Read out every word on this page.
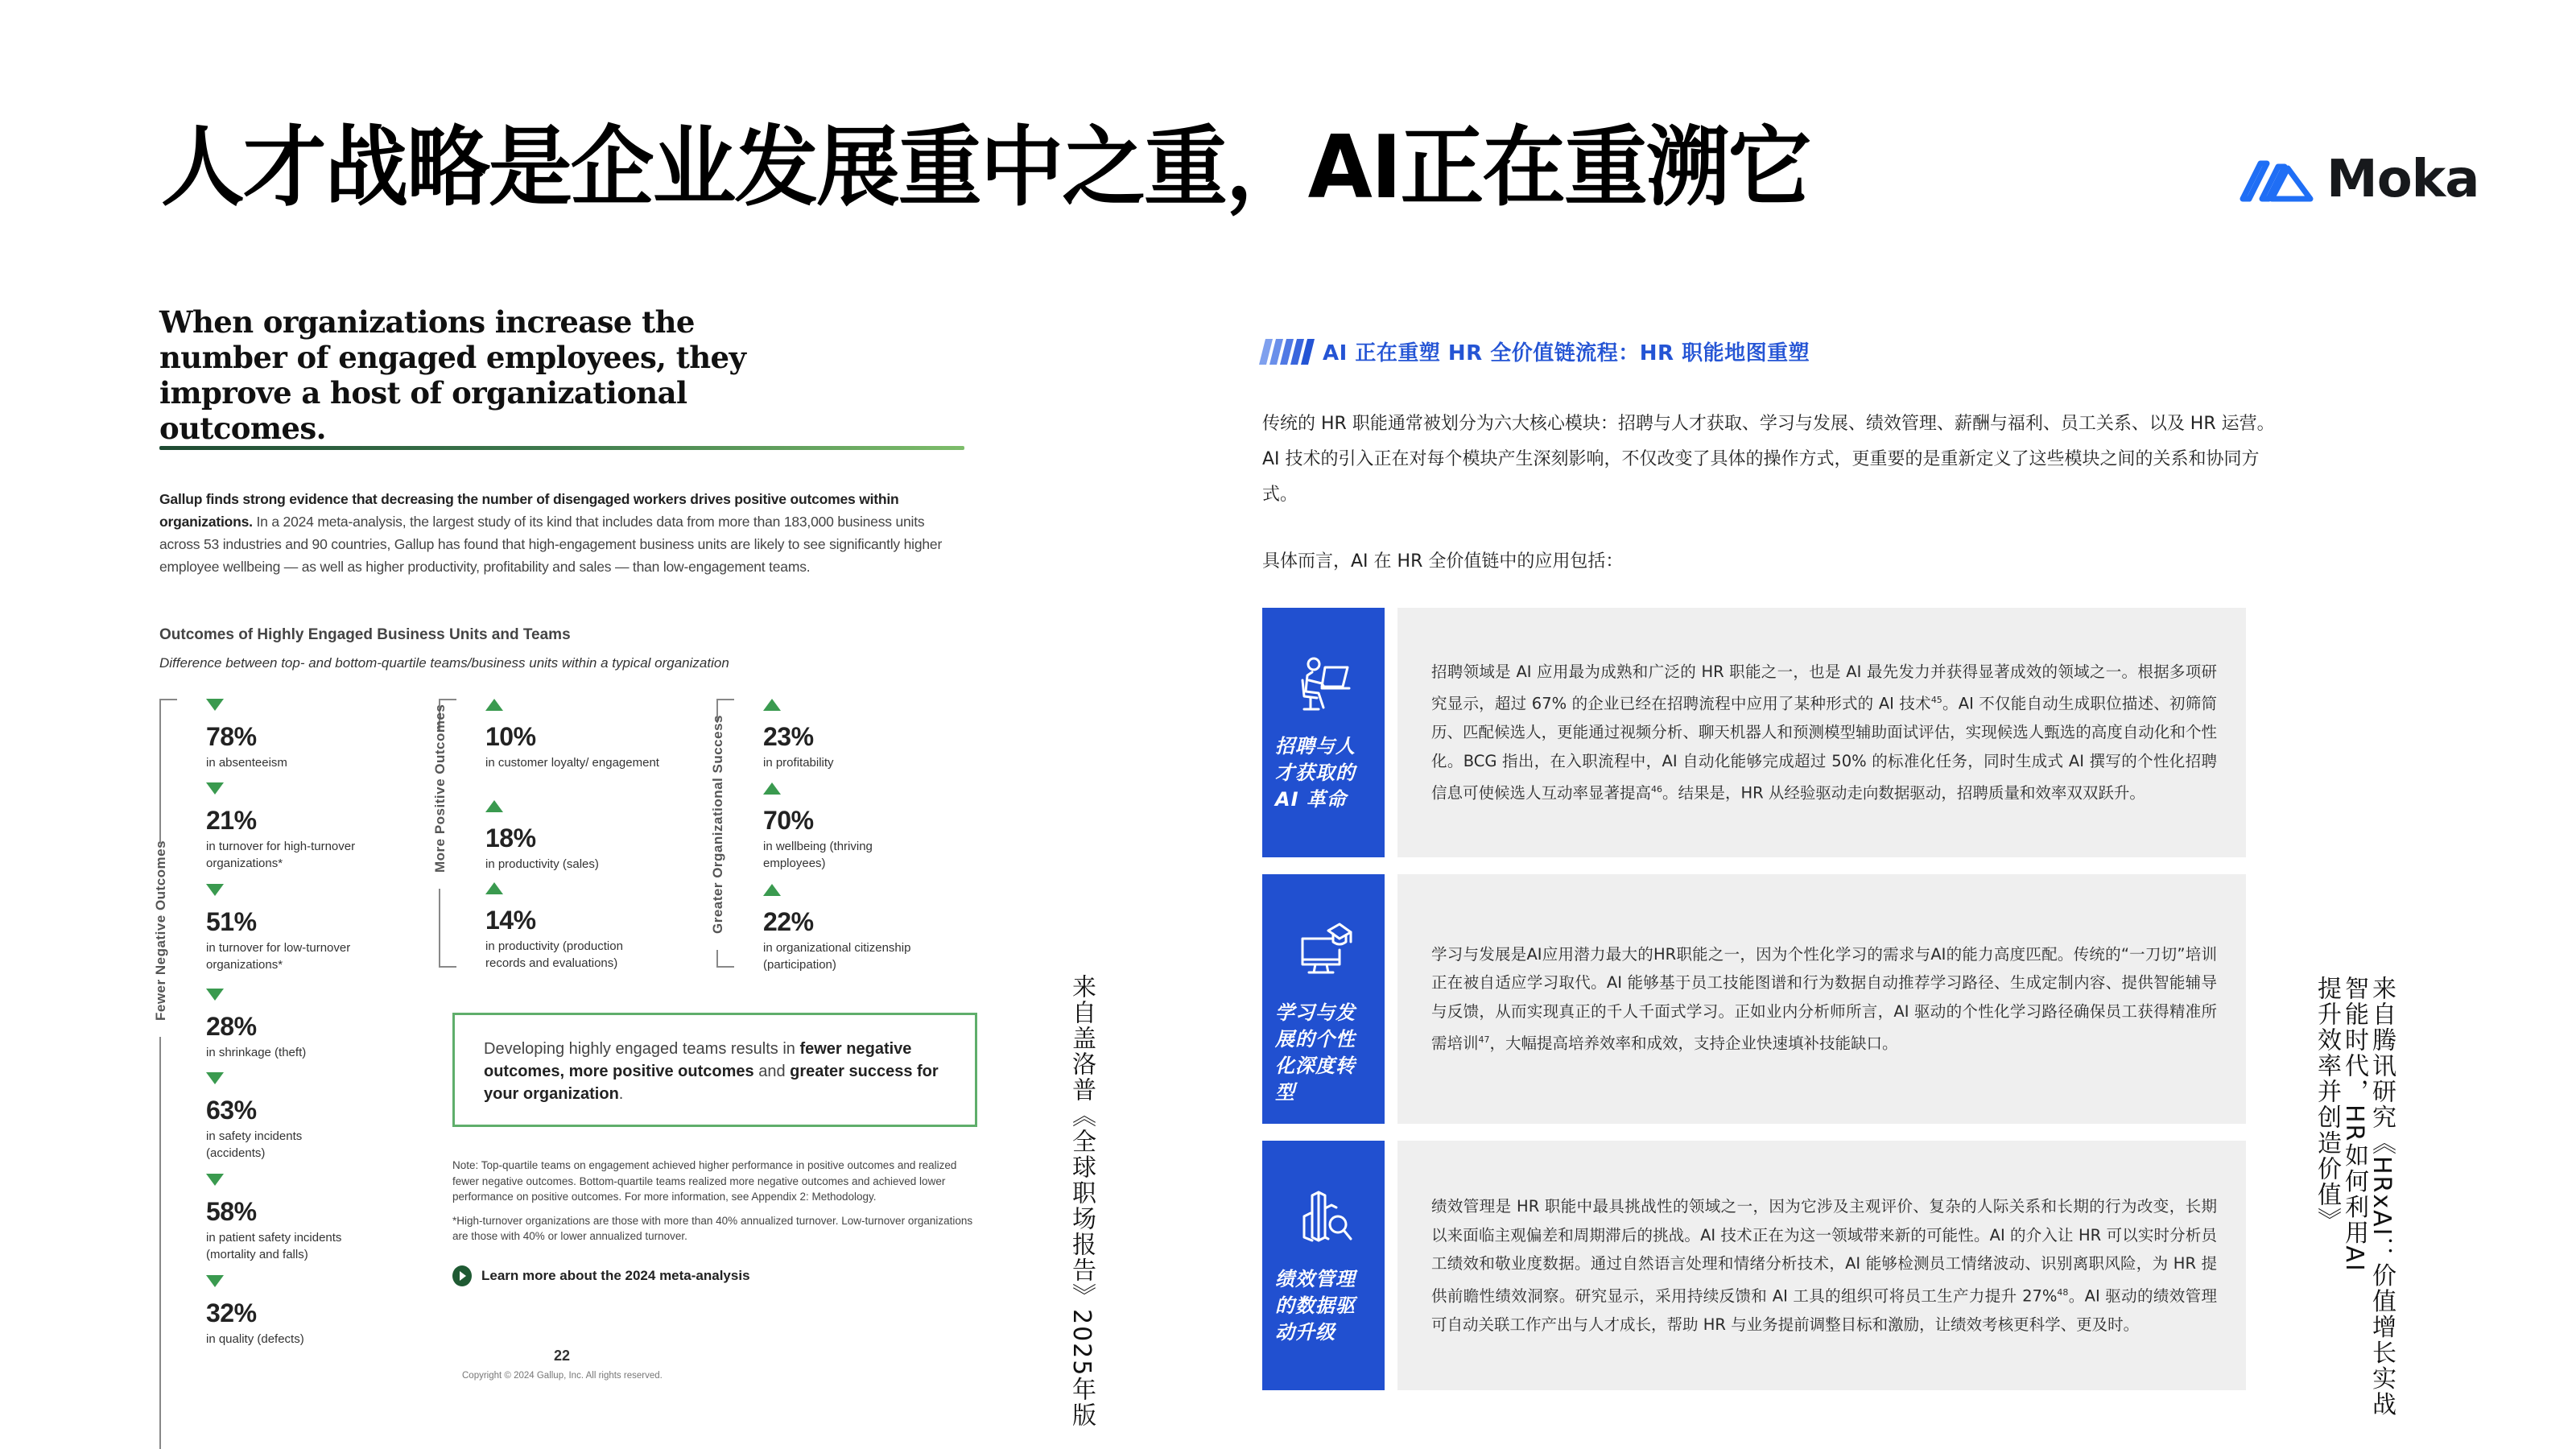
人才战略是企业发展重中之重，AI正在重溯它	Moka
When organizations increase the number of engaged employees, they improve a host of organizational outcomes.

Gallup finds strong evidence that decreasing the number of disengaged workers drives positive outcomes within organizations. In a 2024 meta-analysis, the largest study of its kind that includes data from more than 183,000 business units across 53 industries and 90 countries, Gallup has found that high-engagement business units are likely to see significantly higher employee wellbeing — as well as higher productivity, profitability and sales — than low-engagement teams.

Outcomes of Highly Engaged Business Units and Teams
Difference between top- and bottom-quartile teams/business units within a typical organization
Fewer Negative Outcomes
78%
in absenteeism
21%
in turnover for high-turnover organizations*
51%
in turnover for low-turnover organizations*
28%
in shrinkage (theft)
63%
in safety incidents (accidents)
58%
in patient safety incidents (mortality and falls)
32%
in quality (defects)
More Positive Outcomes 10%
in customer loyalty/ engagement
18%
in productivity (sales)
14%
in productivity (production records and evaluations)
Greater Organizational Success 23%
in profitability
70%
in wellbeing (thriving employees)
22%
in organizational citizenship (participation)
Developing highly engaged teams results in fewer negative outcomes, more positive outcomes and greater success for your organization.

Note: Top-quartile teams on engagement achieved higher performance in positive outcomes and realized fewer negative outcomes. Bottom-quartile teams realized more negative outcomes and achieved lower performance on positive outcomes. For more information, see Appendix 2: Methodology.

*High-turnover organizations are those with more than 40% annualized turnover. Low-turnover organizations are those with 40% or lower annualized turnover.

Learn more about the 2024 meta-analysis
22
Copyright © 2024 Gallup, Inc. All rights reserved.	来自盖洛普《全球职场报告》2025年版
AI 正在重塑 HR 全价值链流程：HR 职能地图重塑

传统的 HR 职能通常被划分为六大核心模块：招聘与人才获取、学习与发展、绩效管理、薪酬与福利、员工关系、以及 HR 运营。AI 技术的引入正在对每个模块产生深刻影响，不仅改变了具体的操作方式，更重要的是重新定义了这些模块之间的关系和协同方式。

具体而言，AI 在 HR 全价值链中的应用包括：

招聘与人才获取的 AI 革命

招聘领域是 AI 应用最为成熟和广泛的 HR 职能之一，也是 AI 最先发力并获得显著成效的领域之一。根据多项研究显示，超过 67% 的企业已经在招聘流程中应用了某种形式的 AI 技术$^{45}$。AI 不仅能自动生成职位描述、初筛简历、匹配候选人，更能通过视频分析、聊天机器人和预测模型辅助面试评估，实现候选人甄选的高度自动化和个性化。BCG 指出，在入职流程中，AI 自动化能够完成超过 50% 的标准化任务，同时生成式 AI 撰写的个性化招聘信息可使候选人互动率显著提高$^{46}$。结果是，HR 从经验驱动走向数据驱动，招聘质量和效率双双跃升。

学习与发展的个性化深度转型

学习与发展是AI应用潜力最大的HR职能之一，因为个性化学习的需求与AI的能力高度匹配。传统的“一刀切”培训正在被自适应学习取代。AI 能够基于员工技能图谱和行为数据自动推荐学习路径、生成定制内容、提供智能辅导与反馈，从而实现真正的千人千面式学习。正如业内分析师所言，AI 驱动的个性化学习路径确保员工获得精准所需培训$^{47}$，大幅提高培养效率和成效，支持企业快速填补技能缺口。

绩效管理的数据驱动升级

绩效管理是 HR 职能中最具挑战性的领域之一，因为它涉及主观评价、复杂的人际关系和长期的行为改变，长期以来面临主观偏差和周期滞后的挑战。AI 技术正在为这一领域带来新的可能性。AI 的介入让 HR 可以实时分析员工绩效和敬业度数据。通过自然语言处理和情绪分析技术，AI 能够检测员工情绪波动、识别离职风险，为 HR 提供前瞻性绩效洞察。研究显示，采用持续反馈和 AI 工具的组织可将员工生产力提升 27%$^{48}$。AI 驱动的绩效管理可自动关联工作产出与人才成长，帮助 HR 与业务提前调整目标和激励，让绩效考核更科学、更及时。	来自腾讯研究《HRxAI：价值增长实战
智能时代，HR如何利用AI
提升效率并创造价值》
